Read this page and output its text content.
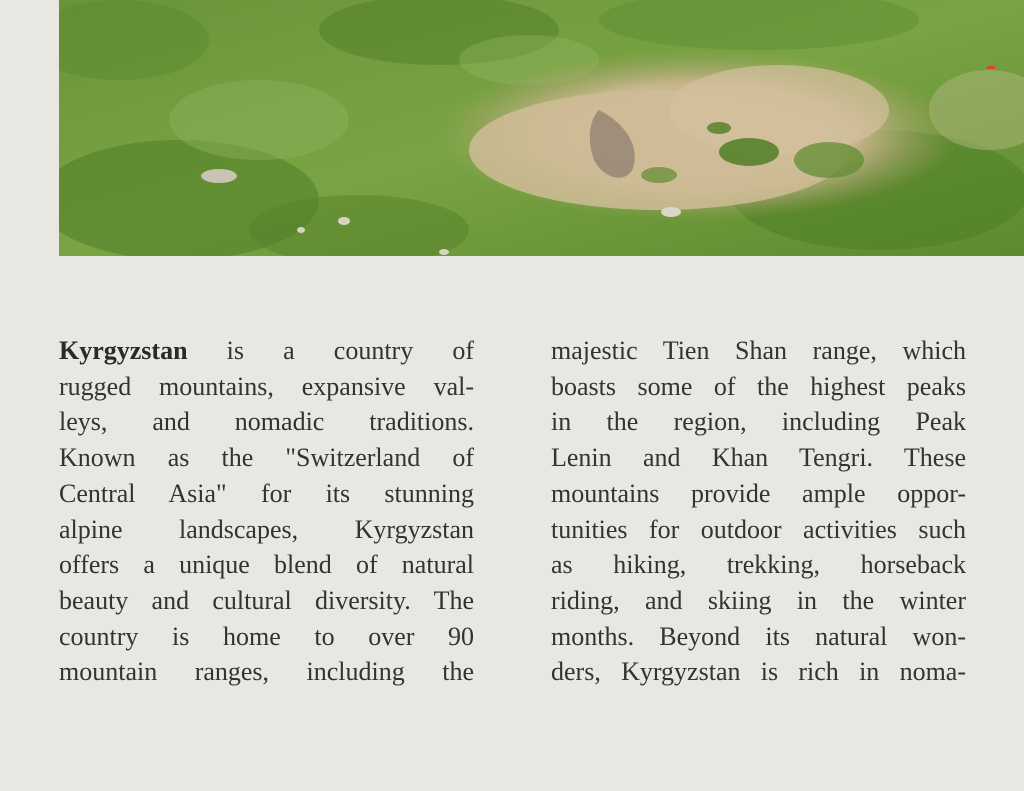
Kyrgyzstan is a country of
rugged mountains, expansive val-
leys, and nomadic traditions.
Known as the "Switzerland of
Central Asia" for its stunning
alpine landscapes, Kyrgyzstan
offers a unique blend of natural
beauty and cultural diversity. The
country is home to over 90
mountain ranges, including the
majestic Tien Shan range, which
boasts some of the highest peaks
in the region, including Peak
Lenin and Khan Tengri. These
mountains provide ample oppor-
tunities for outdoor activities such
as hiking, trekking, horseback
riding, and skiing in the winter
months. Beyond its natural won-
ders, Kyrgyzstan is rich in noma-
